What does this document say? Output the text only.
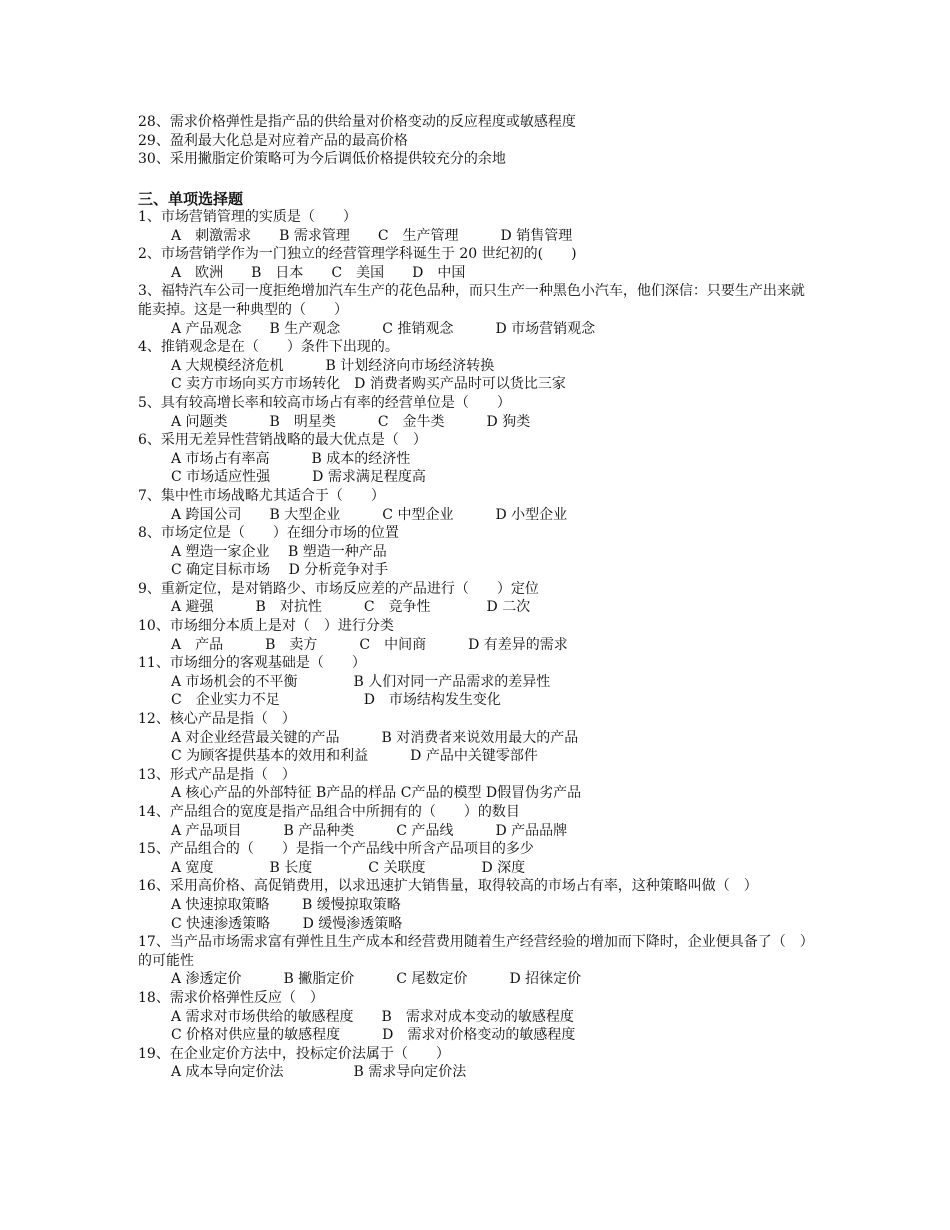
28、需求价格弹性是指产品的供给量对价格变动的反应程度或敏感程度
29、盈利最大化总是对应着产品的最高价格
30、采用撇脂定价策略可为今后调低价格提供较充分的余地
三、单项选择题
1、市场营销管理的实质是（　　）
A　刺激需求　　B 需求管理　　C　生产管理　　　D 销售管理
2、市场营销学作为一门独立的经营管理学科诞生于 20 世纪初的(　　)
A　欧洲　　B　日本　　C　美国　　D　中国
3、福特汽车公司一度拒绝增加汽车生产的花色品种，而只生产一种黑色小汽车，他们深信：只要生产出来就能卖掉。这是一种典型的（　　）
A 产品观念　　B 生产观念　　　C 推销观念　　　D 市场营销观念
4、推销观念是在（　　）条件下出现的。
A 大规模经济危机　　　B 计划经济向市场经济转换
C 卖方市场向买方市场转化　D 消费者购买产品时可以货比三家
5、具有较高增长率和较高市场占有率的经营单位是（　　）
A 问题类　　　B　明星类　　　C　金牛类　　　D 狗类
6、采用无差异性营销战略的最大优点是（　）
A 市场占有率高　　　B 成本的经济性
C 市场适应性强　　　D 需求满足程度高
7、集中性市场战略尤其适合于（　　）
A 跨国公司　　B 大型企业　　　C 中型企业　　　D 小型企业
8、市场定位是（　　）在细分市场的位置
A 塑造一家企业　 B 塑造一种产品
C 确定目标市场　 D 分析竞争对手
9、重新定位，是对销路少、市场反应差的产品进行（　　）定位
A 避强　　　B　对抗性　　　C　竞争性　　　　D 二次
10、市场细分本质上是对（　）进行分类
A　产品　　　B　卖方　　　C　中间商　　　D 有差异的需求
11、市场细分的客观基础是（　　）
A 市场机会的不平衡　　　　B 人们对同一产品需求的差异性
C　企业实力不足　　　　　　D　市场结构发生变化
12、核心产品是指（　）
A 对企业经营最关键的产品　　　B 对消费者来说效用最大的产品
C 为顾客提供基本的效用和利益　　　D 产品中关键零部件
13、形式产品是指（　）
A 核心产品的外部特征 B产品的样品 C产品的模型 D假冒伪劣产品
14、产品组合的宽度是指产品组合中所拥有的（　　）的数目
A 产品项目　　　B 产品种类　　　C 产品线　　　D 产品品牌
15、产品组合的（　　）是指一个产品线中所含产品项目的多少
A 宽度　　　　B 长度　　　　C 关联度　　　　D 深度
16、采用高价格、高促销费用，以求迅速扩大销售量，取得较高的市场占有率，这种策略叫做（　）
A 快速掠取策略　　 B 缓慢掠取策略
C 快速渗透策略　　 D 缓慢渗透策略
17、当产品市场需求富有弹性且生产成本和经营费用随着生产经营经验的增加而下降时，企业便具备了（　）的可能性
A 渗透定价　　　B 撇脂定价　　　C 尾数定价　　　D 招徕定价
18、需求价格弹性反应（　）
A 需求对市场供给的敏感程度　　B　需求对成本变动的敏感程度
C 价格对供应量的敏感程度　　　D　需求对价格变动的敏感程度
19、在企业定价方法中，投标定价法属于（　　）
A 成本导向定价法　　　　　B 需求导向定价法
